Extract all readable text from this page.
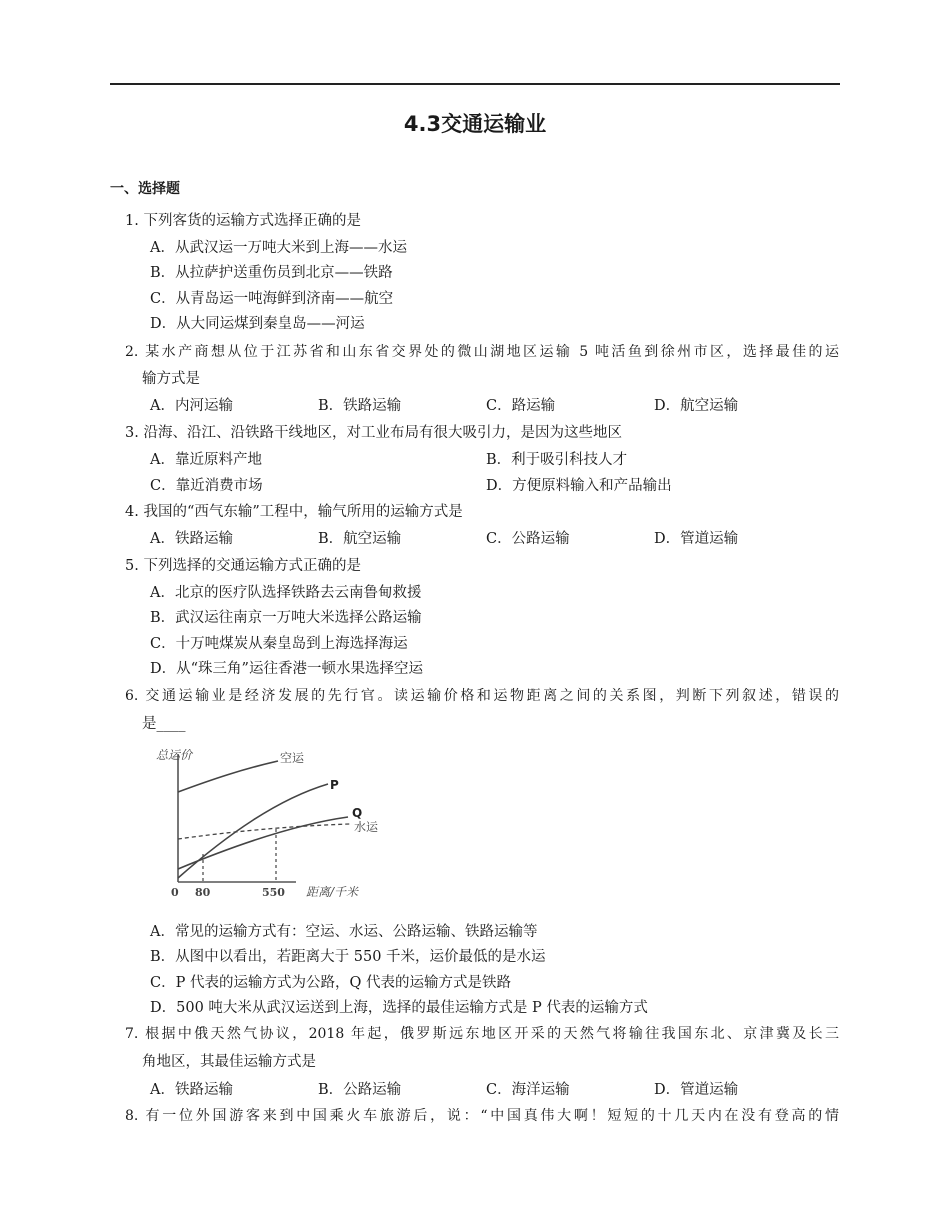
4.3交通运输业
一、选择题
1. 下列客货的运输方式选择正确的是
A．从武汉运一万吨大米到上海——水运
B．从拉萨护送重伤员到北京——铁路
C．从青岛运一吨海鲜到济南——航空
D．从大同运煤到秦皇岛——河运
2. 某水产商想从位于江苏省和山东省交界处的微山湖地区运输 5 吨活鱼到徐州市区，选择最佳的运
输方式是
A．内河运输	B．铁路运输	C．路运输	D．航空运输
3. 沿海、沿江、沿铁路干线地区，对工业布局有很大吸引力，是因为这些地区
A．靠近原料产地	B．利于吸引科技人才
C．靠近消费市场	D．方便原料输入和产品输出
4. 我国的“西气东输”工程中，输气所用的运输方式是
A．铁路运输	B．航空运输	C．公路运输	D．管道运输
5. 下列选择的交通运输方式正确的是
A．北京的医疗队选择铁路去云南鲁甸救援
B．武汉运往南京一万吨大米选择公路运输
C．十万吨煤炭从秦皇岛到上海选择海运
D．从“珠三角”运往香港一顿水果选择空运
6. 交通运输业是经济发展的先行官。读运输价格和运物距离之间的关系图，判断下列叙述，错误的
是____
总运价	空运
P
Q
水运
0 80	550 距离/千米
A．常见的运输方式有：空运、水运、公路运输、铁路运输等
B．从图中以看出，若距离大于 550 千米，运价最低的是水运
C．P 代表的运输方式为公路，Q 代表的运输方式是铁路
D．500 吨大米从武汉运送到上海，选择的最佳运输方式是 P 代表的运输方式
7. 根据中俄天然气协议，2018 年起，俄罗斯远东地区开采的天然气将输往我国东北、京津冀及长三
角地区，其最佳运输方式是
A．铁路运输	B．公路运输	C．海洋运输	D．管道运输
8. 有一位外国游客来到中国乘火车旅游后，说：“中国真伟大啊！短短的十几天内在没有登高的情
